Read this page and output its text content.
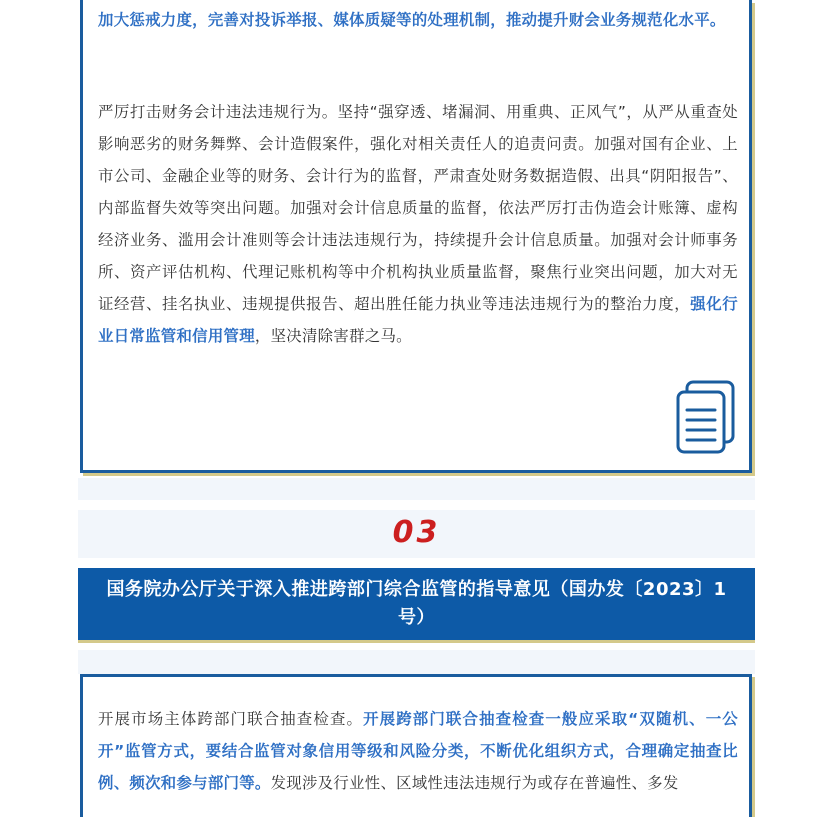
加大惩戒力度，完善对投诉举报、媒体质疑等的处理机制，推动提升财会业务规范化水平。

严厉打击财务会计违法违规行为。坚持“强穿透、堵漏洞、用重典、正风气”，从严从重查处影响恶劣的财务舞弊、会计造假案件，强化对相关责任人的追责问责。加强对国有企业、上市公司、金融企业等的财务、会计行为的监督，严肃查处财务数据造假、出具“阴阳报告”、内部监督失效等突出问题。加强对会计信息质量的监督，依法严厉打击伪造会计账簿、虚构经济业务、滥用会计准则等会计违法违规行为，持续提升会计信息质量。加强对会计师事务所、资产评估机构、代理记账机构等中介机构执业质量监督，聚焦行业突出问题，加大对无证经营、挂名执业、违规提供报告、超出胜任能力执业等违法违规行为的整治力度，强化行业日常监管和信用管理，坚决清除害群之马。

03

国务院办公厅关于深入推进跨部门综合监管的指导意见（国办发〔2023〕1号）

开展市场主体跨部门联合抽查检查。开展跨部门联合抽查检查一般应采取“双随机、一公开”监管方式，要结合监管对象信用等级和风险分类，不断优化组织方式，合理确定抽查比例、频次和参与部门等。发现涉及行业性、区域性违法违规行为或存在普遍性、多发
